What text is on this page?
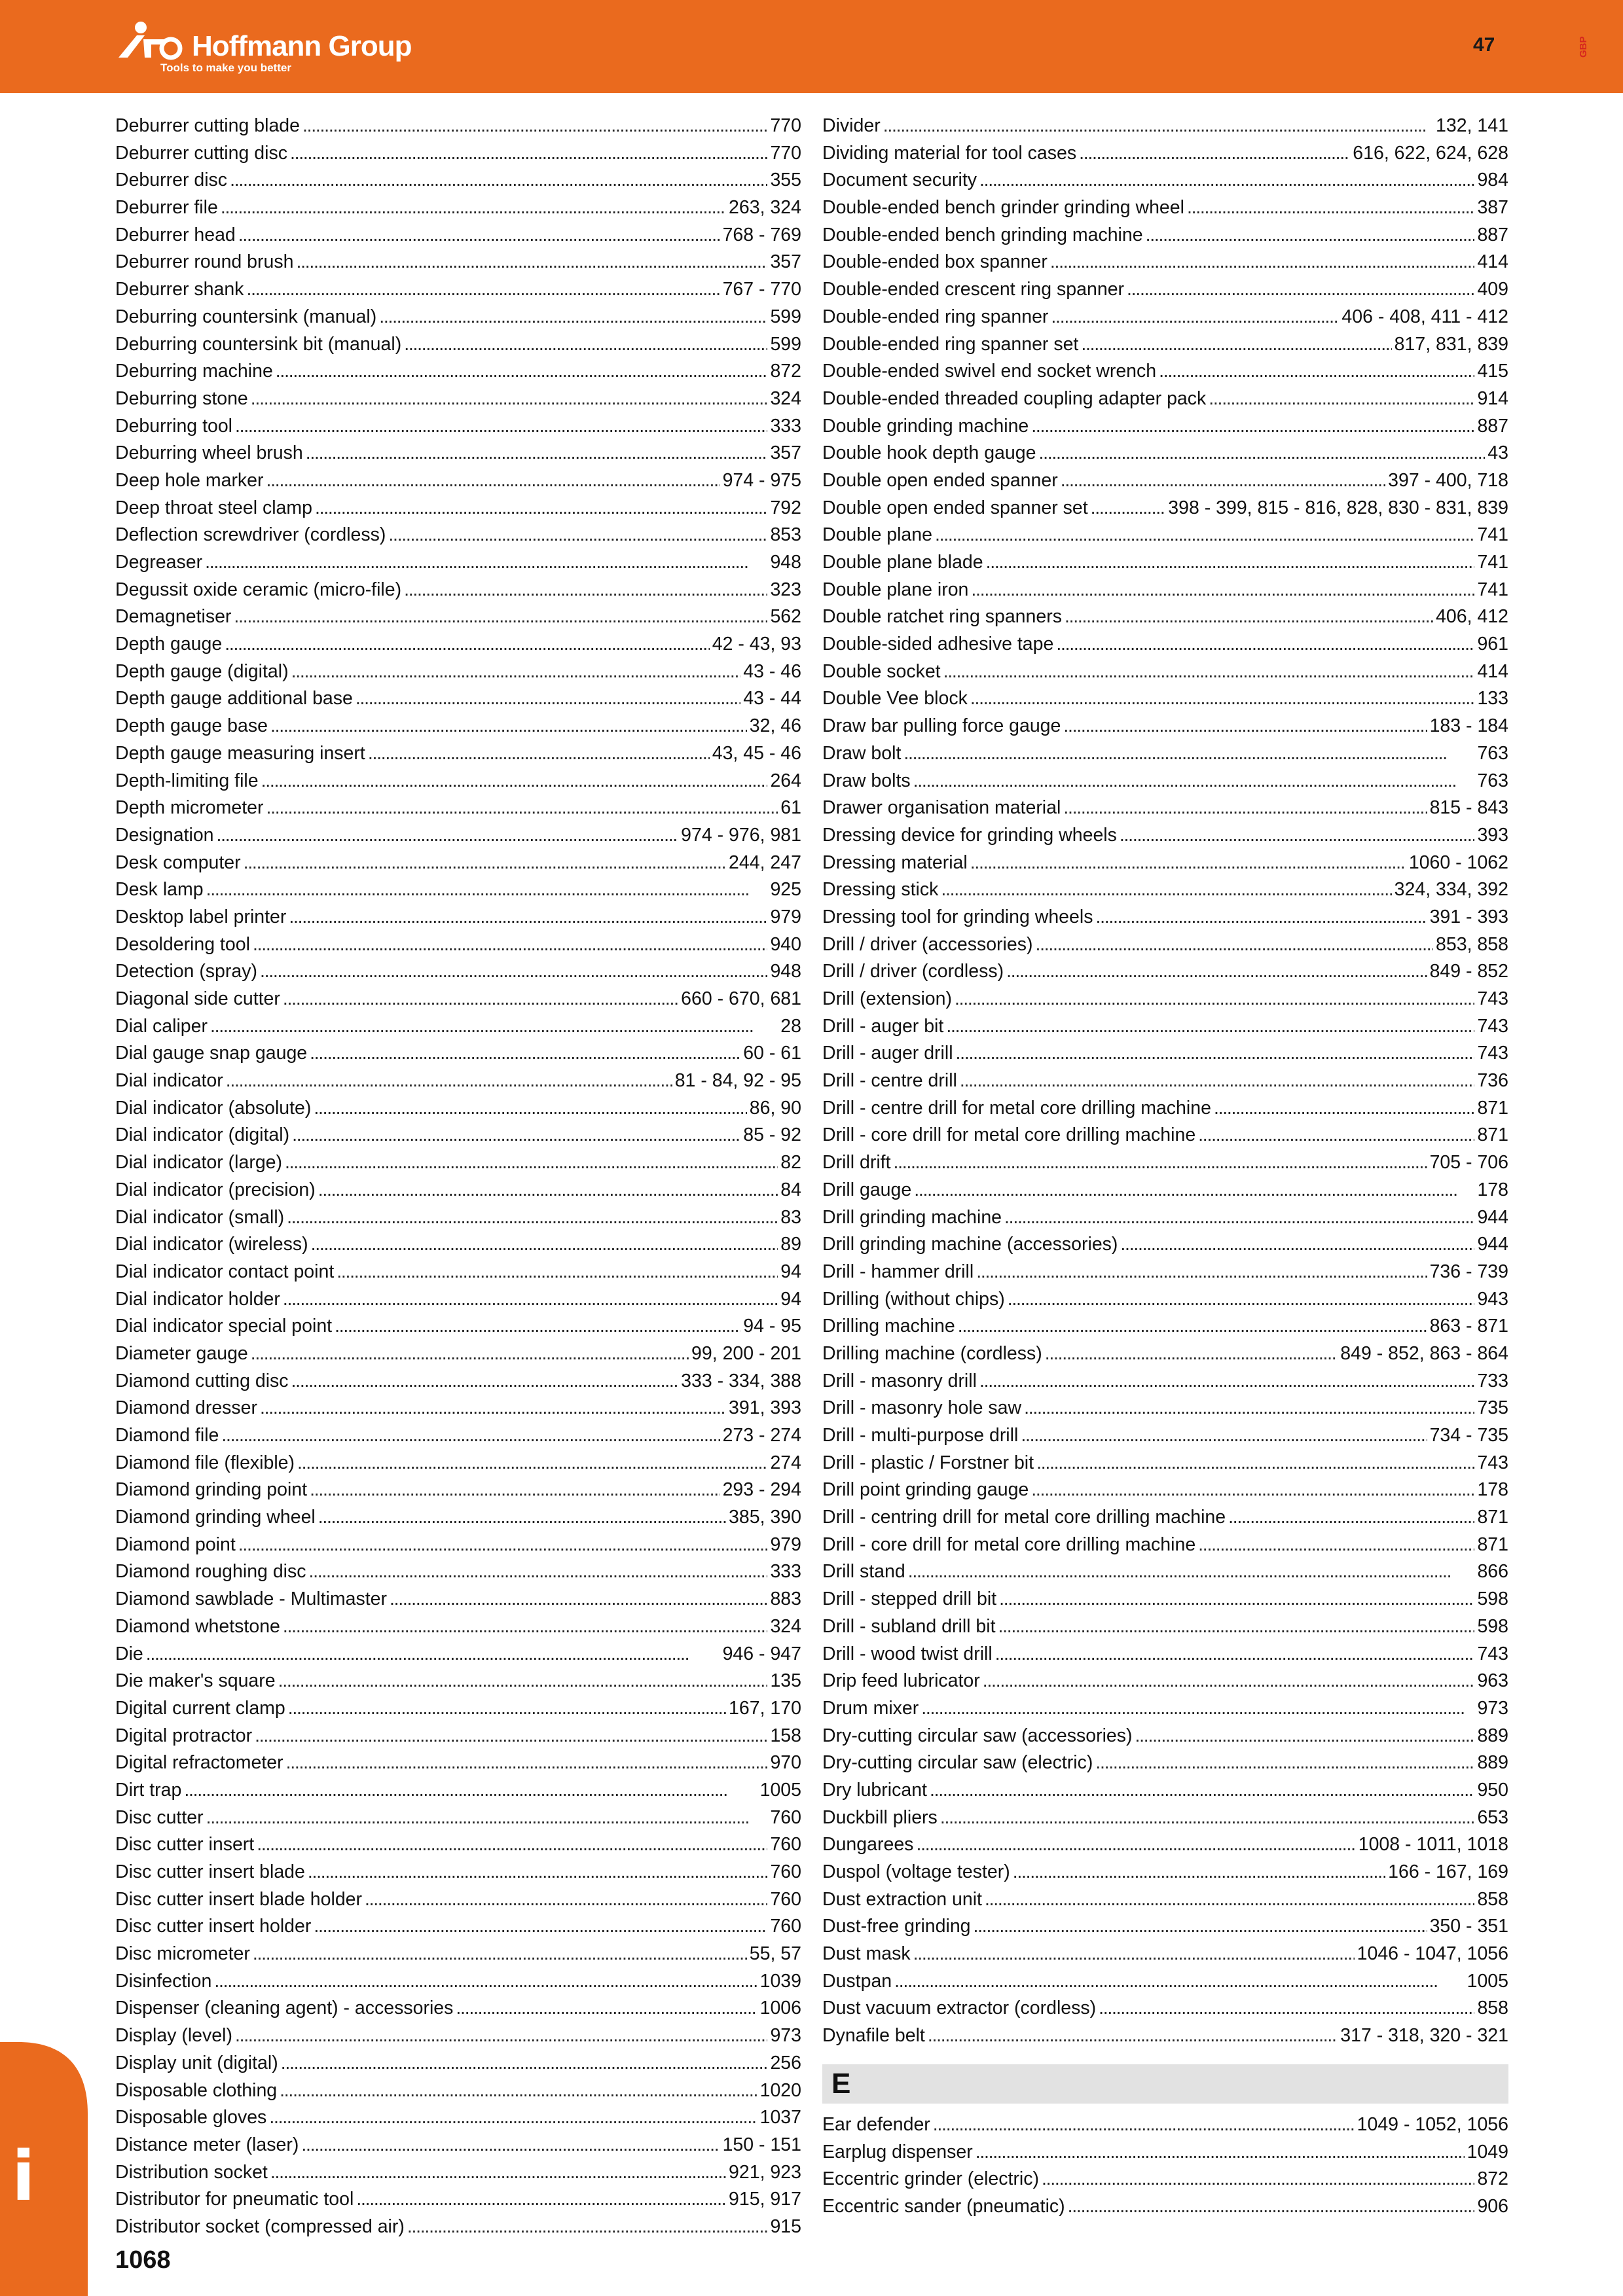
Hoffmann Group
Tools to make you better
47	GBP
Deburrer cutting blade . . .	770
Deburrer cutting disc . . .	770
Deburrer disc . . .	355
Deburrer file . . .	263, 324
Deburrer head . . .	768 - 769
Deburrer round brush . . .	357
Deburrer shank . . .	767 - 770
Deburring countersink (manual) . . .	599
Deburring countersink bit (manual) . . .	599
Deburring machine . . .	872
Deburring stone . . .	324
Deburring tool . . .	333
Deburring wheel brush . . .	357
Deep hole marker . . .	974 - 975
Deep throat steel clamp . . .	792
Deflection screwdriver (cordless) . . .	853
Degreaser . . .	948
Degussit oxide ceramic (micro-file) . . .	323
Demagnetiser . . .	562
Depth gauge . . .	42 - 43, 93
Depth gauge (digital) . . .	43 - 46
Depth gauge additional base . . .	43 - 44
Depth gauge base . . .	32, 46
Depth gauge measuring insert . . .	43, 45 - 46
Depth-limiting file . . .	264
Depth micrometer . . .	61
Designation . . .	974 - 976, 981
Desk computer . . .	244, 247
Desk lamp . . .	925
Desktop label printer . . .	979
Desoldering tool . . .	940
Detection (spray) . . .	948
Diagonal side cutter . . .	660 - 670, 681
Dial caliper . . .	28
Dial gauge snap gauge . . .	60 - 61
Dial indicator . . .	81 - 84, 92 - 95
Dial indicator (absolute) . . .	86, 90
Dial indicator (digital) . . .	85 - 92
Dial indicator (large) . . .	82
Dial indicator (precision) . . .	84
Dial indicator (small) . . .	83
Dial indicator (wireless) . . .	89
Dial indicator contact point . . .	94
Dial indicator holder . . .	94
Dial indicator special point . . .	94 - 95
Diameter gauge . . .	99, 200 - 201
Diamond cutting disc . . .	333 - 334, 388
Diamond dresser . . .	391, 393
Diamond file . . .	273 - 274
Diamond file (flexible) . . .	274
Diamond grinding point . . .	293 - 294
Diamond grinding wheel . . .	385, 390
Diamond point . . .	979
Diamond roughing disc . . .	333
Diamond sawblade - Multimaster . . .	883
Diamond whetstone . . .	324
Die . . .	946 - 947
Die maker's square . . .	135
Digital current clamp . . .	167, 170
Digital protractor . . .	158
Digital refractometer . . .	970
Dirt trap . . .	1005
Disc cutter . . .	760
Disc cutter insert . . .	760
Disc cutter insert blade . . .	760
Disc cutter insert blade holder . . .	760
Disc cutter insert holder . . .	760
Disc micrometer . . .	55, 57
Disinfection . . .	1039
Dispenser (cleaning agent) - accessories . . .	1006
Display (level) . . .	973
Display unit (digital) . . .	256
Disposable clothing . . .	1020
Disposable gloves . . .	1037
Distance meter (laser) . . .	150 - 151
Distribution socket . . .	921, 923
Distributor for pneumatic tool . . .	915, 917
Distributor socket (compressed air) . . .	915
Divider . . .	132, 141
Dividing material for tool cases . . .	616, 622, 624, 628
Document security . . .	984
Double-ended bench grinder grinding wheel . . .	387
Double-ended bench grinding machine . . .	887
Double-ended box spanner . . .	414
Double-ended crescent ring spanner . . .	409
Double-ended ring spanner . . .	406 - 408, 411 - 412
Double-ended ring spanner set . . .	817, 831, 839
Double-ended swivel end socket wrench . . .	415
Double-ended threaded coupling adapter pack . . .	914
Double grinding machine . . .	887
Double hook depth gauge . . .	43
Double open ended spanner . . .	397 - 400, 718
Double open ended spanner set . . .	398 - 399, 815 - 816, 828, 830 - 831, 839
Double plane . . .	741
Double plane blade . . .	741
Double plane iron . . .	741
Double ratchet ring spanners . . .	406, 412
Double-sided adhesive tape . . .	961
Double socket . . .	414
Double Vee block . . .	133
Draw bar pulling force gauge . . .	183 - 184
Draw bolt . . .	763
Draw bolts . . .	763
Drawer organisation material . . .	815 - 843
Dressing device for grinding wheels . . .	393
Dressing material . . .	1060 - 1062
Dressing stick . . .	324, 334, 392
Dressing tool for grinding wheels . . .	391 - 393
Drill / driver (accessories) . . .	853, 858
Drill / driver (cordless) . . .	849 - 852
Drill (extension) . . .	743
Drill - auger bit . . .	743
Drill - auger drill . . .	743
Drill - centre drill . . .	736
Drill - centre drill for metal core drilling machine . . .	871
Drill - core drill for metal core drilling machine . . .	871
Drill drift . . .	705 - 706
Drill gauge . . .	178
Drill grinding machine . . .	944
Drill grinding machine (accessories) . . .	944
Drill - hammer drill . . .	736 - 739
Drilling (without chips) . . .	943
Drilling machine . . .	863 - 871
Drilling machine (cordless) . . .	849 - 852, 863 - 864
Drill - masonry drill . . .	733
Drill - masonry hole saw . . .	735
Drill - multi-purpose drill . . .	734 - 735
Drill - plastic / Forstner bit . . .	743
Drill point grinding gauge . . .	178
Drill - centring drill for metal core drilling machine . . .	871
Drill - core drill for metal core drilling machine . . .	871
Drill stand . . .	866
Drill - stepped drill bit . . .	598
Drill - subland drill bit . . .	598
Drill - wood twist drill . . .	743
Drip feed lubricator . . .	963
Drum mixer . . .	973
Dry-cutting circular saw (accessories) . . .	889
Dry-cutting circular saw (electric) . . .	889
Dry lubricant . . .	950
Duckbill pliers . . .	653
Dungarees . . .	1008 - 1011, 1018
Duspol (voltage tester) . . .	166 - 167, 169
Dust extraction unit . . .	858
Dust-free grinding . . .	350 - 351
Dust mask . . .	1046 - 1047, 1056
Dustpan . . .	1005
Dust vacuum extractor (cordless) . . .	858
Dynafile belt . . .	317 - 318, 320 - 321
E
Ear defender . . .	1049 - 1052, 1056
Earplug dispenser . . .	1049
Eccentric grinder (electric) . . .	872
Eccentric sander (pneumatic) . . .	906
i
1068
